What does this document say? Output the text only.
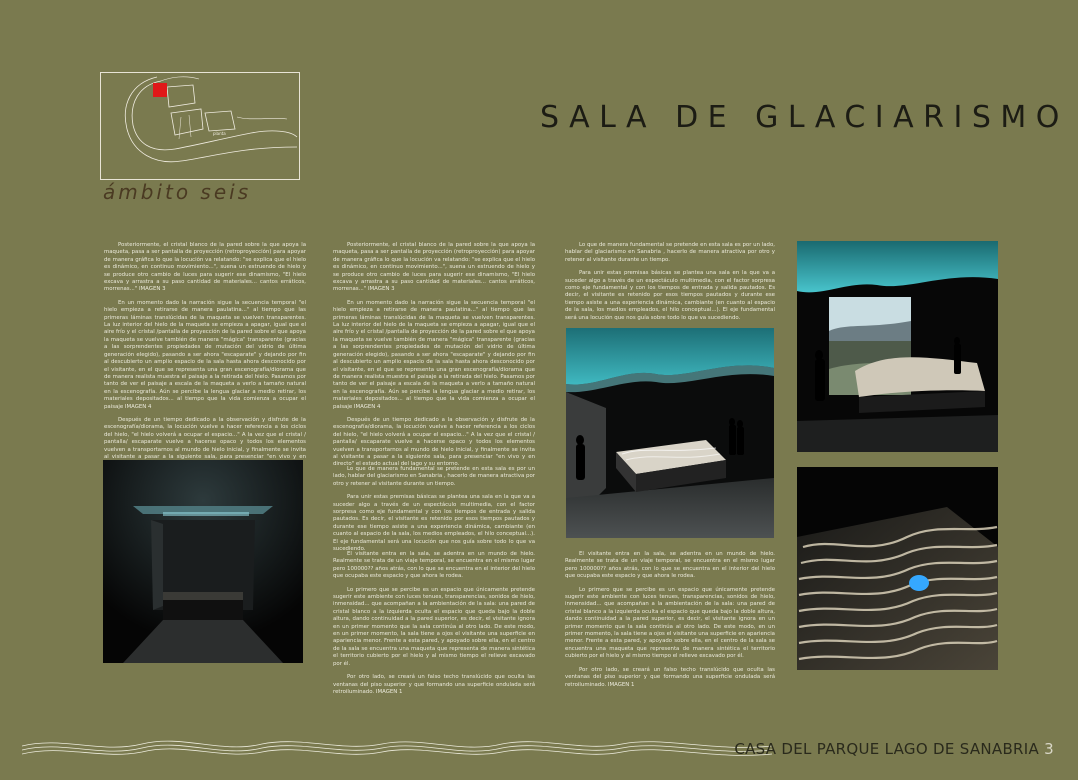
planta
ámbito seis
SALA DE GLACIARISMO

Posteriormente, el cristal blanco de la pared sobre la que apoya la maqueta, pasa a ser pantalla de proyección (retroproyección) para apoyar de manera gráfica lo que la locución va relatando: "se explica que el hielo es dinámico, en continuo movimiento...", suena un estruendo de hielo y se produce otro cambio de luces para sugerir ese dinamismo, "El hielo excava y arrastra a su paso cantidad de materiales... cantos erráticos, morrenas..." IMAGEN 3

En un momento dado la narración sigue la secuencia temporal "el hielo empieza a retirarse de manera paulatina..." al tiempo que las primeras láminas translúcidas de la maqueta se vuelven transparentes. La luz interior del hielo de la maqueta se empieza a apagar, igual que el aire frío y el cristal /pantalla de proyección de la pared sobre el que apoya la maqueta se vuelve también de manera "mágica" transparente (gracias a las sorprendentes propiedades de mutación del vidrio de última generación elegido), pasando a ser ahora "escaparate" y dejando por fin al descubierto un amplio espacio de la sala hasta ahora desconocido por el visitante, en el que se representa una gran escenografía/diorama que de manera realista muestra el paisaje a la retirada del hielo. Pasamos por tanto de ver el paisaje a escala de la maqueta a verlo a tamaño natural en la escenografía. Aún se percibe la lengua glaciar a medio retirar, los materiales depositados... al tiempo que la vida comienza a ocupar el paisaje IMAGEN 4

Después de un tiempo dedicado a la observación y disfrute de la escenografía/diorama, la locución vuelve a hacer referencia a los ciclos del hielo, "el hielo volverá a ocupar el espacio..." A la vez que el cristal / pantalla/ escaparate vuelve a hacerse opaco y todos los elementos vuelven a transportarnos al mundo de hielo inicial, y finalmente se invita al visitante a pasar a la siguiente sala, para presenciar "en vivo y en

Posteriormente, el cristal blanco de la pared sobre la que apoya la maqueta, pasa a ser pantalla de proyección (retroproyección) para apoyar de manera gráfica lo que la locución va relatando: "se explica que el hielo es dinámico, en continuo movimiento...", suena un estruendo de hielo y se produce otro cambio de luces para sugerir ese dinamismo, "El hielo excava y arrastra a su paso cantidad de materiales... cantos erráticos, morrenas..." IMAGEN 3

En un momento dado la narración sigue la secuencia temporal "el hielo empieza a retirarse de manera paulatina..." al tiempo que las primeras láminas translúcidas de la maqueta se vuelven transparentes. La luz interior del hielo de la maqueta se empieza a apagar, igual que el aire frío y el cristal /pantalla de proyección de la pared sobre el que apoya la maqueta se vuelve también de manera "mágica" transparente (gracias a las sorprendentes propiedades de mutación del vidrio de última generación elegido), pasando a ser ahora "escaparate" y dejando por fin al descubierto un amplio espacio de la sala hasta ahora desconocido por el visitante, en el que se representa una gran escenografía/diorama que de manera realista muestra el paisaje a la retirada del hielo. Pasamos por tanto de ver el paisaje a escala de la maqueta a verlo a tamaño natural en la escenografía. Aún se percibe la lengua glaciar a medio retirar, los materiales depositados... al tiempo que la vida comienza a ocupar el paisaje IMAGEN 4

Después de un tiempo dedicado a la observación y disfrute de la escenografía/diorama, la locución vuelve a hacer referencia a los ciclos del hielo, "el hielo volverá a ocupar el espacio..." A la vez que el cristal / pantalla/ escaparate vuelve a hacerse opaco y todos los elementos vuelven a transportarnos al mundo de hielo inicial, y finalmente se invita al visitante a pasar a la siguiente sala, para presenciar "en vivo y en directo" el estado actual del lago y su entorno.

Lo que de manera fundamental se pretende en esta sala es por un lado, hablar del glaciarismo en Sanabria , hacerlo de manera atractiva por otro y retener al visitante durante un tiempo.

Para unir estas premisas básicas se plantea una sala en la que va a suceder algo a través de un espectáculo multimedia, con el factor sorpresa como eje fundamental y con los tiempos de entrada y salida pautados. Es decir, el visitante es retenido por esos tiempos pautados y durante ese tiempo asiste a una experiencia dinámica, cambiante (en cuanto al espacio de la sala, los medios empleados, el hilo conceptual...). El eje fundamental será una locución que nos guía sobre todo lo que va sucediendo.

Lo que de manera fundamental se pretende en esta sala es por un lado, hablar del glaciarismo en Sanabria , hacerlo de manera atractiva por otro y retener al visitante durante un tiempo.

Para unir estas premisas básicas se plantea una sala en la que va a suceder algo a través de un espectáculo multimedia, con el factor sorpresa como eje fundamental y con los tiempos de entrada y salida pautados. Es decir, el visitante es retenido por esos tiempos pautados y durante ese tiempo asiste a una experiencia dinámica, cambiante (en cuanto al espacio de la sala, los medios empleados, el hilo conceptual...). El eje fundamental será una locución que nos guía sobre todo lo que va sucediendo.

El visitante entra en la sala, se adentra en un mundo de hielo. Realmente se trata de un viaje temporal, se encuentra en el mismo lugar pero 100000?? años atrás, con lo que se encuentra en el interior del hielo que ocupaba este espacio y que ahora le rodea.

Lo primero que se percibe es un espacio que únicamente pretende sugerir este ambiente con luces tenues, transparencias, sonidos de hielo, inmensidad... que acompañan a la ambientación de la sala: una pared de cristal blanco a la izquierda oculta el espacio que queda bajo la doble altura, dando continuidad a la pared superior, es decir, el visitante ignora en un primer momento que la sala continúa al otro lado. De este modo, en un primer momento, la sala tiene a ojos el visitante una superficie en apariencia menor. Frente a esta pared, y apoyado sobre ella, en el centro de la sala se encuentra una maqueta que representa de manera sintética el territorio cubierto por el hielo y al mismo tiempo el relieve excavado por él.

Por otro lado, se creará un falso techo translúcido que oculta las ventanas del piso superior y que formando una superficie ondulada será retroiluminado. IMAGEN 1

El visitante entra en la sala, se adentra en un mundo de hielo. Realmente se trata de un viaje temporal, se encuentra en el mismo lugar pero 100000?? años atrás, con lo que se encuentra en el interior del hielo que ocupaba este espacio y que ahora le rodea.

Lo primero que se percibe es un espacio que únicamente pretende sugerir este ambiente con luces tenues, transparencias, sonidos de hielo, inmensidad... que acompañan a la ambientación de la sala: una pared de cristal blanco a la izquierda oculta el espacio que queda bajo la doble altura, dando continuidad a la pared superior, es decir, el visitante ignora en un primer momento que la sala continúa al otro lado. De este modo, en un primer momento, la sala tiene a ojos el visitante una superficie en apariencia menor. Frente a esta pared, y apoyado sobre ella, en el centro de la sala se encuentra una maqueta que representa de manera sintética el territorio cubierto por el hielo y al mismo tiempo el relieve excavado por él.

Por otro lado, se creará un falso techo translúcido que oculta las ventanas del piso superior y que formando una superficie ondulada será retroiluminado. IMAGEN 1

CASA DEL PARQUE LAGO DE SANABRIA 3
